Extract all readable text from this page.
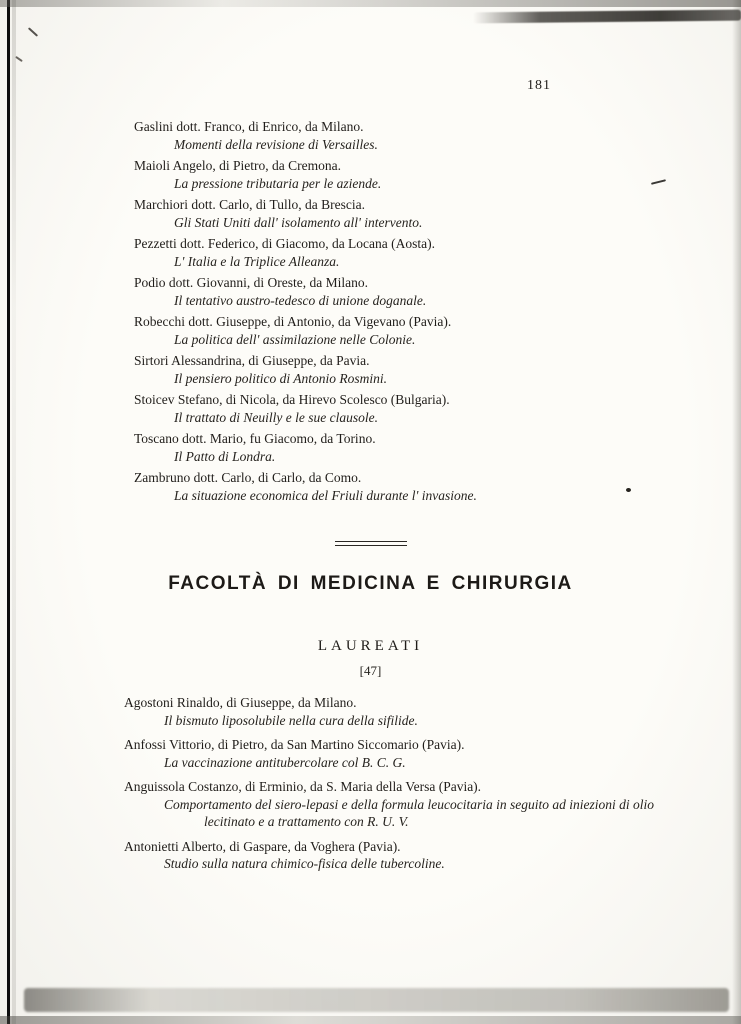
181
Gaslini dott. Franco, di Enrico, da Milano.
Momenti della revisione di Versailles.
Maioli Angelo, di Pietro, da Cremona.
La pressione tributaria per le aziende.
Marchiori dott. Carlo, di Tullo, da Brescia.
Gli Stati Uniti dall' isolamento all' intervento.
Pezzetti dott. Federico, di Giacomo, da Locana (Aosta).
L' Italia e la Triplice Alleanza.
Podio dott. Giovanni, di Oreste, da Milano.
Il tentativo austro-tedesco di unione doganale.
Robecchi dott. Giuseppe, di Antonio, da Vigevano (Pavia).
La politica dell' assimilazione nelle Colonie.
Sirtori Alessandrina, di Giuseppe, da Pavia.
Il pensiero politico di Antonio Rosmini.
Stoicev Stefano, di Nicola, da Hirevo Scolesco (Bulgaria).
Il trattato di Neuilly e le sue clausole.
Toscano dott. Mario, fu Giacomo, da Torino.
Il Patto di Londra.
Zambruno dott. Carlo, di Carlo, da Como.
La situazione economica del Friuli durante l' invasione.
FACOLTÀ DI MEDICINA E CHIRURGIA
LAUREATI
[47]
Agostoni Rinaldo, di Giuseppe, da Milano.
Il bismuto liposolubile nella cura della sifilide.
Anfossi Vittorio, di Pietro, da San Martino Siccomario (Pavia).
La vaccinazione antitubercolare col B. C. G.
Anguissola Costanzo, di Erminio, da S. Maria della Versa (Pavia).
Comportamento del siero-lepasi e della formula leucocitaria in seguito ad iniezioni di olio lecitinato e a trattamento con R. U. V.
Antonietti Alberto, di Gaspare, da Voghera (Pavia).
Studio sulla natura chimico-fisica delle tubercoline.
